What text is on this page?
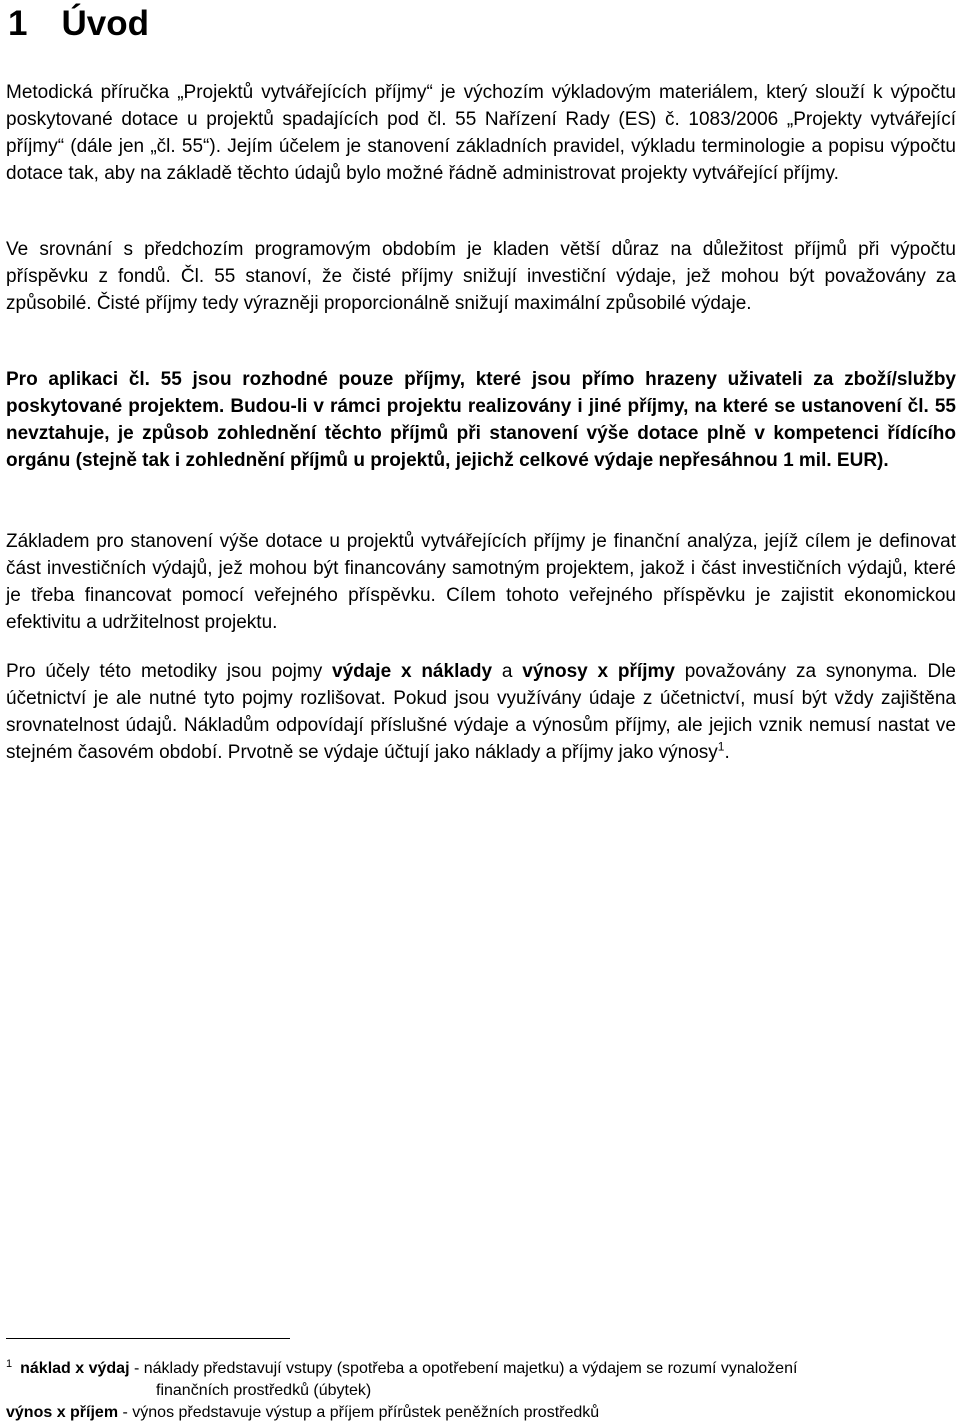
1 Úvod

Metodická příručka „Projektů vytvářejících příjmy“ je výchozím výkladovým materiálem, který slouží k výpočtu poskytované dotace u projektů spadajících pod čl. 55 Nařízení Rady (ES) č. 1083/2006 „Projekty vytvářející příjmy“ (dále jen „čl. 55“). Jejím účelem je stanovení základních pravidel, výkladu terminologie a popisu výpočtu dotace tak, aby na základě těchto údajů bylo možné řádně administrovat projekty vytvářející příjmy.

Ve srovnání s předchozím programovým obdobím je kladen větší důraz na důležitost příjmů při výpočtu příspěvku z fondů. Čl. 55 stanoví, že čisté příjmy snižují investiční výdaje, jež mohou být považovány za způsobilé. Čisté příjmy tedy výrazněji proporcionálně snižují maximální způsobilé výdaje.

Pro aplikaci čl. 55 jsou rozhodné pouze příjmy, které jsou přímo hrazeny uživateli za zboží/služby poskytované projektem. Budou-li v rámci projektu realizovány i jiné příjmy, na které se ustanovení čl. 55 nevztahuje, je způsob zohlednění těchto příjmů při stanovení výše dotace plně v kompetenci řídícího orgánu (stejně tak i zohlednění příjmů u projektů, jejichž celkové výdaje nepřesáhnou 1 mil. EUR).

Základem pro stanovení výše dotace u projektů vytvářejících příjmy je finanční analýza, jejíž cílem je definovat část investičních výdajů, jež mohou být financovány samotným projektem, jakož i část investičních výdajů, které je třeba financovat pomocí veřejného příspěvku. Cílem tohoto veřejného příspěvku je zajistit ekonomickou efektivitu a udržitelnost projektu.

Pro účely této metodiky jsou pojmy výdaje x náklady a výnosy x příjmy považovány za synonyma. Dle účetnictví je ale nutné tyto pojmy rozlišovat. Pokud jsou využívány údaje z účetnictví, musí být vždy zajištěna srovnatelnost údajů. Nákladům odpovídají příslušné výdaje a výnosům příjmy, ale jejich vznik nemusí nastat ve stejném časovém období. Prvotně se výdaje účtují jako náklady a příjmy jako výnosy$^1$.

$^1$ náklad x výdaj - náklady představují vstupy (spotřeba a opotřebení majetku) a výdajem se rozumí vynaložení

finančních prostředků (úbytek)

výnos x příjem - výnos představuje výstup a příjem přírůstek peněžních prostředků
